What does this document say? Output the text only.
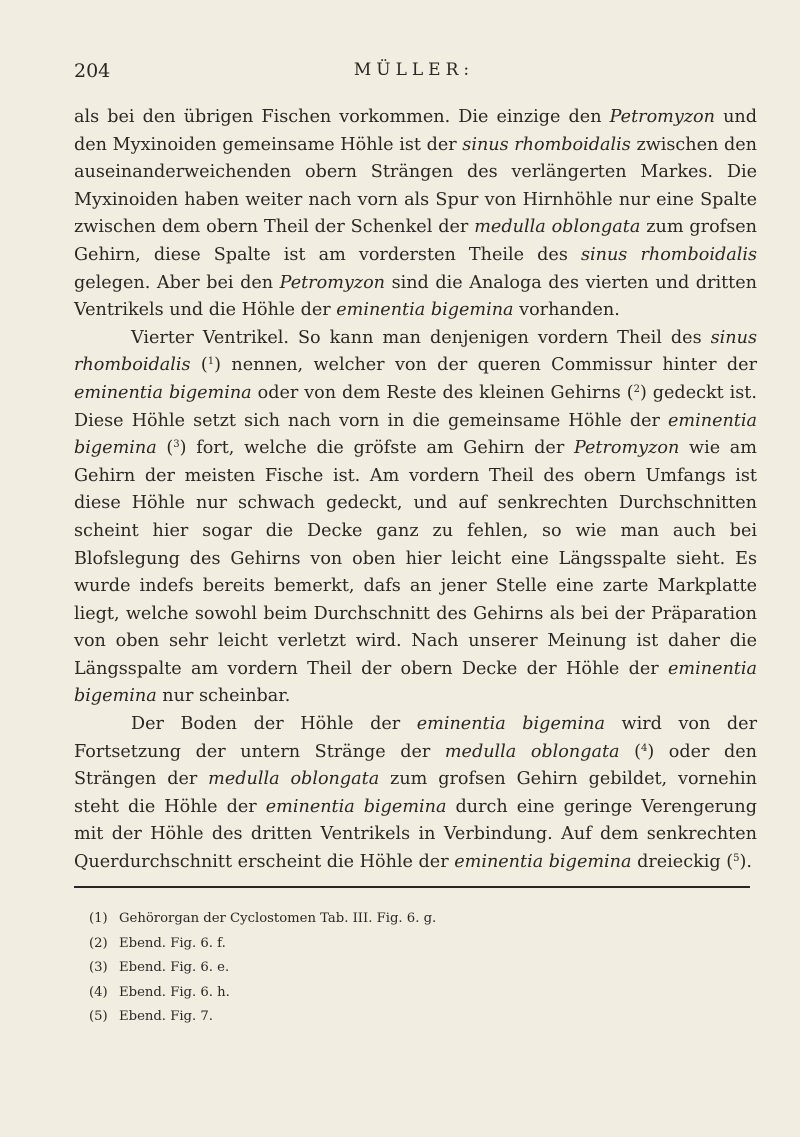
204	MÜLLER:

als bei den übrigen Fischen vorkommen. Die einzige den Petromyzon und den Myxinoiden gemeinsame Höhle ist der sinus rhomboidalis zwischen den auseinanderweichenden obern Strängen des verlängerten Markes. Die Myxinoiden haben weiter nach vorn als Spur von Hirnhöhle nur eine Spalte zwischen dem obern Theil der Schenkel der medulla oblongata zum grofsen Gehirn, diese Spalte ist am vordersten Theile des sinus rhomboidalis gelegen. Aber bei den Petromyzon sind die Analoga des vierten und dritten Ventrikels und die Höhle der eminentia bigemina vorhanden.

Vierter Ventrikel. So kann man denjenigen vordern Theil des sinus rhomboidalis ($^1$) nennen, welcher von der queren Commissur hinter der eminentia bigemina oder von dem Reste des kleinen Gehirns ($^2$) gedeckt ist. Diese Höhle setzt sich nach vorn in die gemeinsame Höhle der eminentia bigemina ($^3$) fort, welche die gröfste am Gehirn der Petromyzon wie am Gehirn der meisten Fische ist. Am vordern Theil des obern Umfangs ist diese Höhle nur schwach gedeckt, und auf senkrechten Durchschnitten scheint hier sogar die Decke ganz zu fehlen, so wie man auch bei Blofslegung des Gehirns von oben hier leicht eine Längsspalte sieht. Es wurde indefs bereits bemerkt, dafs an jener Stelle eine zarte Markplatte liegt, welche sowohl beim Durchschnitt des Gehirns als bei der Präparation von oben sehr leicht verletzt wird. Nach unserer Meinung ist daher die Längsspalte am vordern Theil der obern Decke der Höhle der eminentia bigemina nur scheinbar.

Der Boden der Höhle der eminentia bigemina wird von der Fortsetzung der untern Stränge der medulla oblongata ($^4$) oder den Strängen der medulla oblongata zum grofsen Gehirn gebildet, vornehin steht die Höhle der eminentia bigemina durch eine geringe Verengerung mit der Höhle des dritten Ventrikels in Verbindung. Auf dem senkrechten Querdurchschnitt erscheint die Höhle der eminentia bigemina dreieckig ($^5$).

(1) Gehörorgan der Cyclostomen Tab. III. Fig. 6. g.
(2) Ebend. Fig. 6. f.
(3) Ebend. Fig. 6. e.
(4) Ebend. Fig. 6. h.
(5) Ebend. Fig. 7.
